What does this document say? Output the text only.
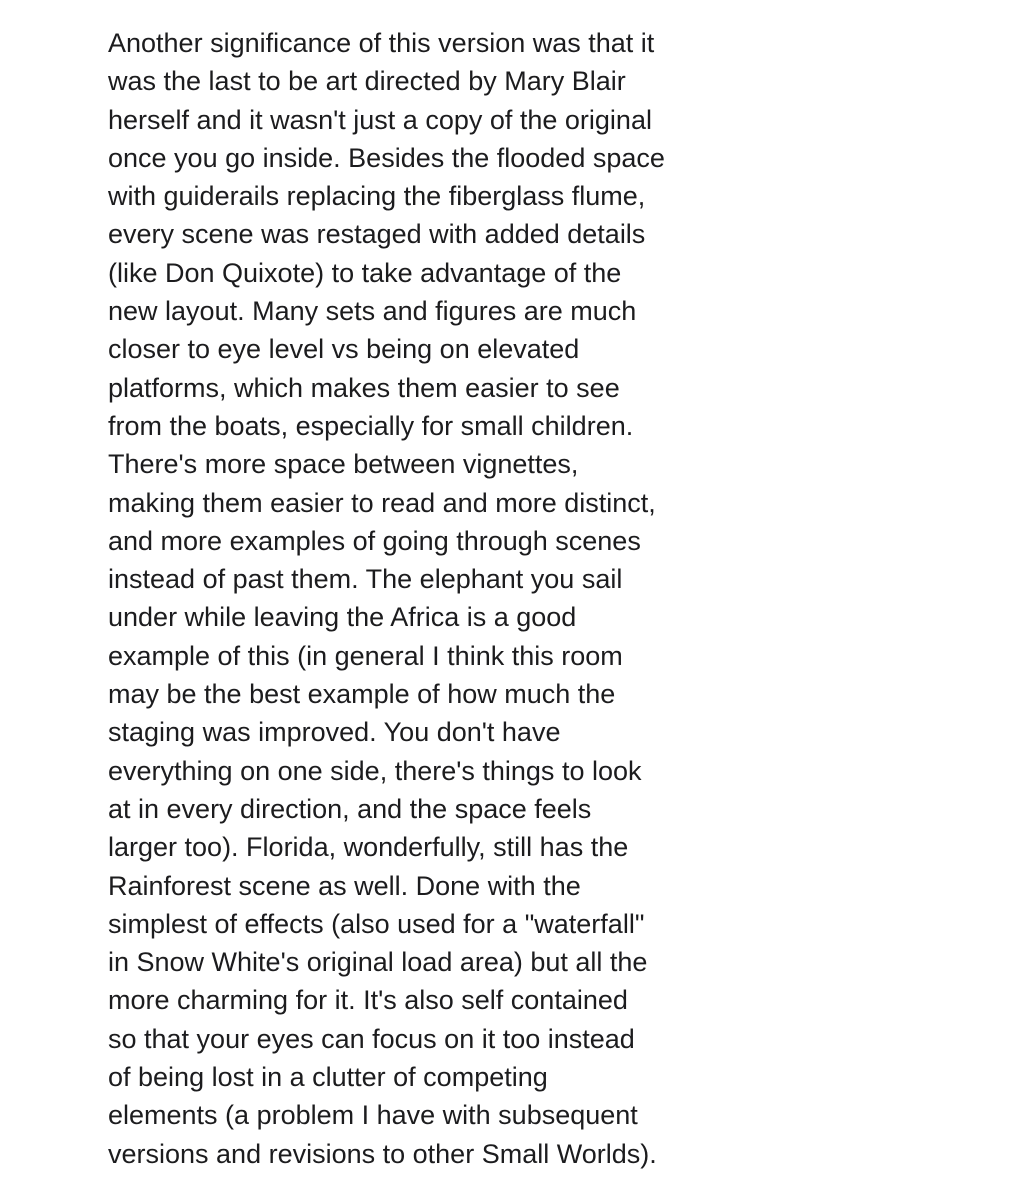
Another significance of this version was that it
was the last to be art directed by Mary Blair
herself and it wasn't just a copy of the original
once you go inside. Besides the flooded space
with guiderails replacing the fiberglass flume,
every scene was restaged with added details
(like Don Quixote) to take advantage of the
new layout. Many sets and figures are much
closer to eye level vs being on elevated
platforms, which makes them easier to see
from the boats, especially for small children.
There's more space between vignettes,
making them easier to read and more distinct,
and more examples of going through scenes
instead of past them. The elephant you sail
under while leaving the Africa is a good
example of this (in general I think this room
may be the best example of how much the
staging was improved. You don't have
everything on one side, there's things to look
at in every direction, and the space feels
larger too). Florida, wonderfully, still has the
Rainforest scene as well. Done with the
simplest of effects (also used for a "waterfall"
in Snow White's original load area) but all the
more charming for it. It's also self contained
so that your eyes can focus on it too instead
of being lost in a clutter of competing
elements (a problem I have with subsequent
versions and revisions to other Small Worlds).
